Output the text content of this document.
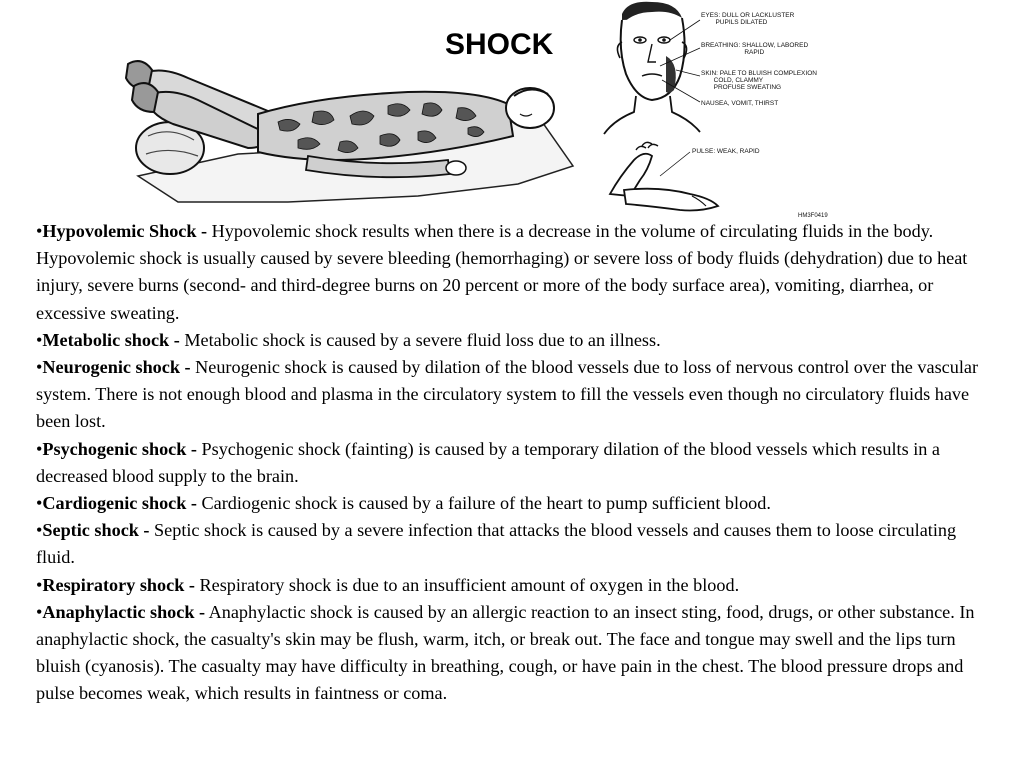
SHOCK
EYES: DULL OR LACKLUSTER
PUPILS DILATED
BREATHING: SHALLOW, LABORED
RAPID
SKIN: PALE TO BLUISH COMPLEXION
COLD, CLAMMY
PROFUSE SWEATING
NAUSEA, VOMIT, THIRST
PULSE: WEAK, RAPID
HM3F0419

•Hypovolemic Shock - Hypovolemic shock results when there is a decrease in the volume of circulating fluids in the body. Hypovolemic shock is usually caused by severe bleeding (hemorrhaging) or severe loss of body fluids (dehydration) due to heat injury, severe burns (second- and third-degree burns on 20 percent or more of the body surface area), vomiting, diarrhea, or excessive sweating.

•Metabolic shock - Metabolic shock is caused by a severe fluid loss due to an illness.

•Neurogenic shock - Neurogenic shock is caused by dilation of the blood vessels due to loss of nervous control over the vascular system. There is not enough blood and plasma in the circulatory system to fill the vessels even though no circulatory fluids have been lost.

•Psychogenic shock - Psychogenic shock (fainting) is caused by a temporary dilation of the blood vessels which results in a decreased blood supply to the brain.

•Cardiogenic shock - Cardiogenic shock is caused by a failure of the heart to pump sufficient blood.

•Septic shock - Septic shock is caused by a severe infection that attacks the blood vessels and causes them to loose circulating fluid.

•Respiratory shock - Respiratory shock is due to an insufficient amount of oxygen in the blood.

•Anaphylactic shock - Anaphylactic shock is caused by an allergic reaction to an insect sting, food, drugs, or other substance. In anaphylactic shock, the casualty's skin may be flush, warm, itch, or break out. The face and tongue may swell and the lips turn bluish (cyanosis). The casualty may have difficulty in breathing, cough, or have pain in the chest. The blood pressure drops and pulse becomes weak, which results in faintness or coma.
